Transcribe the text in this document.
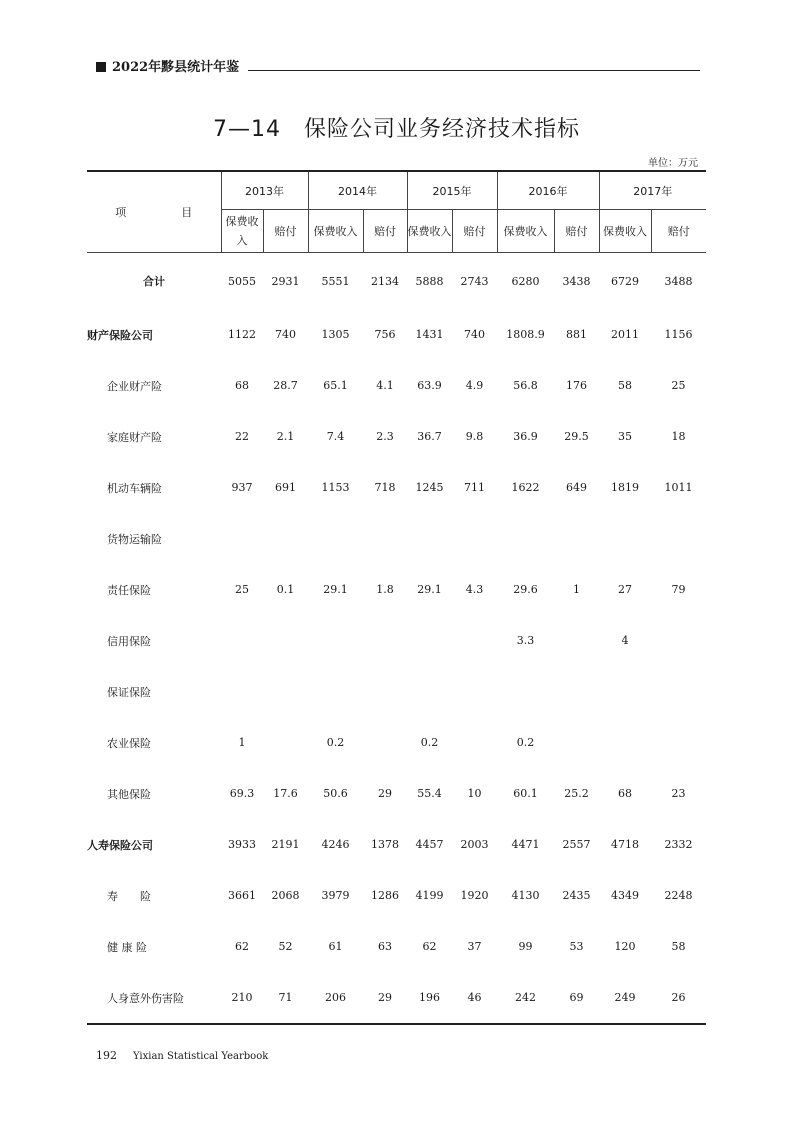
2022年黟县统计年鉴
7—14　保险公司业务经济技术指标
单位：万元
项　目	2013年		2014年		2015年		2016年		2017年	
	保费收入	赔付	保费收入	赔付	保费收入	赔付	保费收入	赔付	保费收入	赔付
合计	5055	2931	5551	2134	5888	2743	6280	3438	6729	3488
财产保险公司	1122	740	1305	756	1431	740	1808.9	881	2011	1156
企业财产险	68	28.7	65.1	4.1	63.9	4.9	56.8	176	58	25
家庭财产险	22	2.1	7.4	2.3	36.7	9.8	36.9	29.5	35	18
机动车辆险	937	691	1153	718	1245	711	1622	649	1819	1011
货物运输险										
责任保险	25	0.1	29.1	1.8	29.1	4.3	29.6	1	27	79
信用保险							3.3		4	
保证保险										
农业保险	1		0.2		0.2		0.2			
其他保险	69.3	17.6	50.6	29	55.4	10	60.1	25.2	68	23
人寿保险公司	3933	2191	4246	1378	4457	2003	4471	2557	4718	2332
寿　　险	3661	2068	3979	1286	4199	1920	4130	2435	4349	2248
健 康 险	62	52	61	63	62	37	99	53	120	58
人身意外伤害险	210	71	206	29	196	46	242	69	249	26
192 Yixian Statistical Yearbook
